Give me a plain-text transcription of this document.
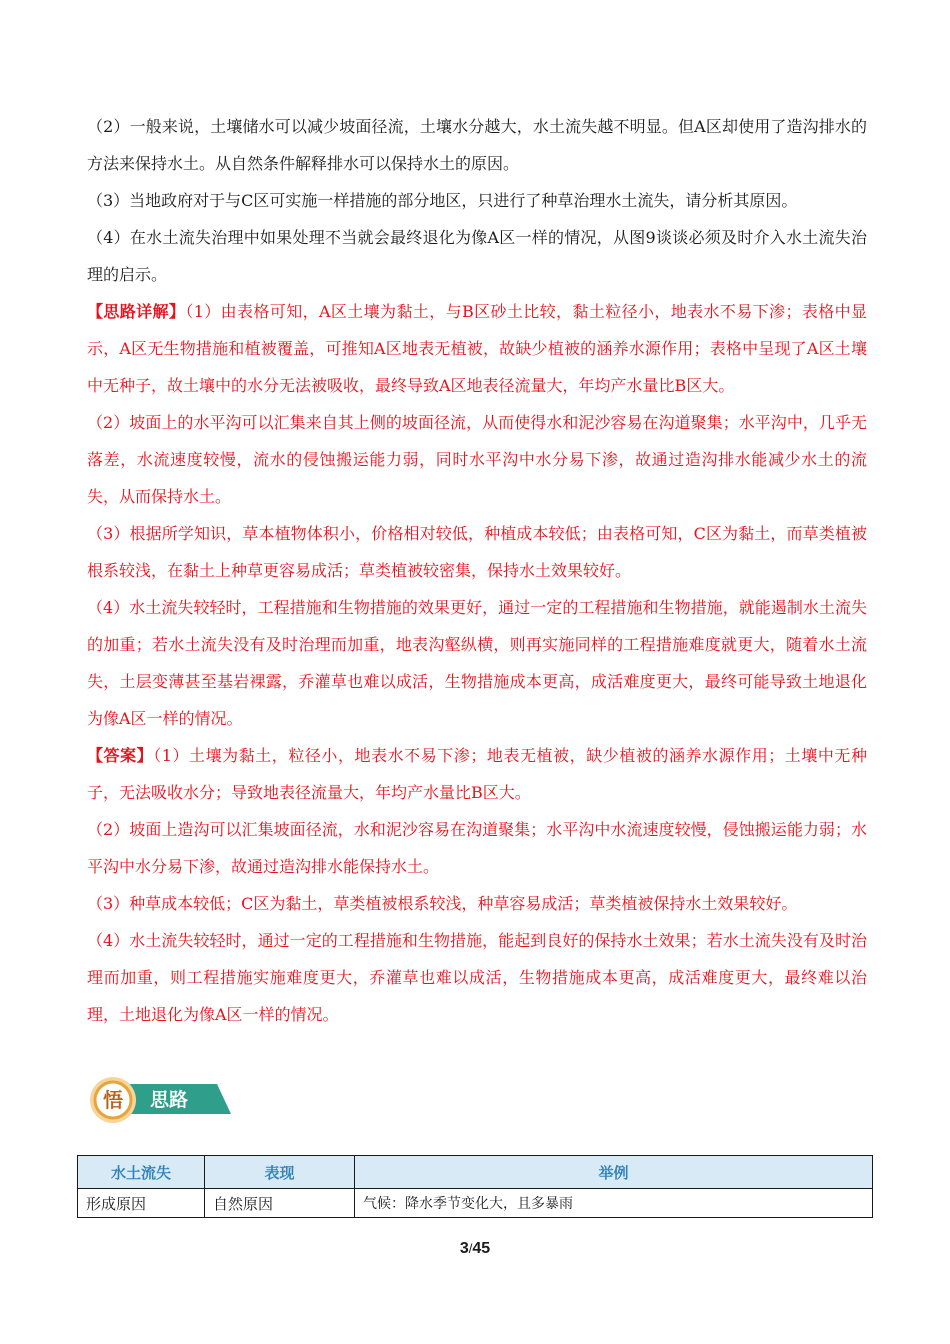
（2）一般来说，土壤储水可以减少坡面径流，土壤水分越大，水土流失越不明显。但A区却使用了造沟排水的方法来保持水土。从自然条件解释排水可以保持水土的原因。

（3）当地政府对于与C区可实施一样措施的部分地区，只进行了种草治理水土流失，请分析其原因。

（4）在水土流失治理中如果处理不当就会最终退化为像A区一样的情况，从图9谈谈必须及时介入水土流失治理的启示。

【思路详解】（1）由表格可知，A区土壤为黏土，与B区砂土比较，黏土粒径小，地表水不易下渗；表格中显示，A区无生物措施和植被覆盖，可推知A区地表无植被，故缺少植被的涵养水源作用；表格中呈现了A区土壤中无种子，故土壤中的水分无法被吸收，最终导致A区地表径流量大，年均产水量比B区大。

（2）坡面上的水平沟可以汇集来自其上侧的坡面径流，从而使得水和泥沙容易在沟道聚集；水平沟中，几乎无落差，水流速度较慢，流水的侵蚀搬运能力弱，同时水平沟中水分易下渗，故通过造沟排水能减少水土的流失，从而保持水土。

（3）根据所学知识，草本植物体积小，价格相对较低，种植成本较低；由表格可知，C区为黏土，而草类植被根系较浅，在黏土上种草更容易成活；草类植被较密集，保持水土效果较好。

（4）水土流失较轻时，工程措施和生物措施的效果更好，通过一定的工程措施和生物措施，就能遏制水土流失的加重；若水土流失没有及时治理而加重，地表沟壑纵横，则再实施同样的工程措施难度就更大，随着水土流失，土层变薄甚至基岩裸露，乔灌草也难以成活，生物措施成本更高，成活难度更大，最终可能导致土地退化为像A区一样的情况。

【答案】（1）土壤为黏土，粒径小，地表水不易下渗；地表无植被，缺少植被的涵养水源作用；土壤中无种子，无法吸收水分；导致地表径流量大，年均产水量比B区大。

（2）坡面上造沟可以汇集坡面径流，水和泥沙容易在沟道聚集；水平沟中水流速度较慢，侵蚀搬运能力弱；水平沟中水分易下渗，故通过造沟排水能保持水土。

（3）种草成本较低；C区为黏土，草类植被根系较浅，种草容易成活；草类植被保持水土效果较好。

（4）水土流失较轻时，通过一定的工程措施和生物措施，能起到良好的保持水土效果；若水土流失没有及时治理而加重，则工程措施实施难度更大，乔灌草也难以成活，生物措施成本更高，成活难度更大，最终难以治理，土地退化为像A区一样的情况。

悟 思路
水土流失	表现	举例
形成原因	自然原因	气候：降水季节变化大，且多暴雨
3/45
